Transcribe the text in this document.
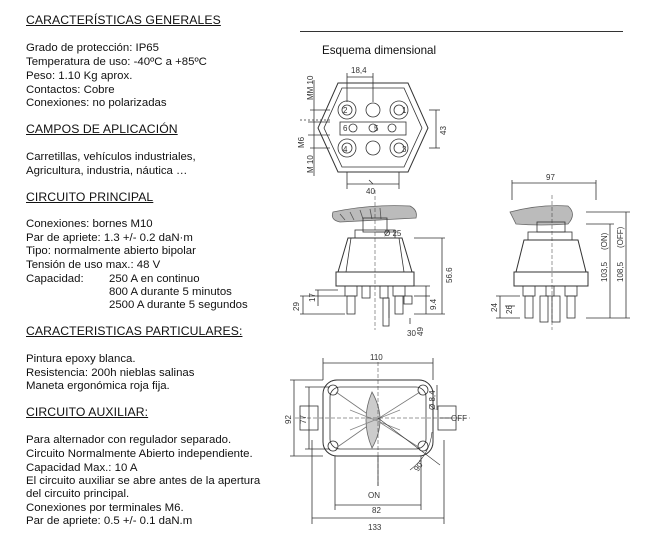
CARACTERÍSTICAS GENERALES
Grado de protección: IP65
Temperatura de uso: -40ºC a +85ºC
Peso: 1.10 Kg aprox.
Contactos: Cobre
Conexiones: no polarizadas
CAMPOS DE APLICACIÓN
Carretillas, vehículos industriales,
Agricultura, industria, náutica …
CIRCUITO PRINCIPAL
Conexiones: bornes M10
Par de apriete: 1.3 +/- 0.2 daN·m
Tipo: normalmente abierto bipolar
Tensión de uso max.: 48 V
Capacidad: 250 A en continuo
800 A durante 5 minutos
2500 A durante 5 segundos
CARACTERISTICAS PARTICULARES:
Pintura epoxy blanca.
Resistencia: 200h nieblas salinas
Maneta ergonómica roja fija.
CIRCUITO AUXILIAR:
Para alternador con regulador separado.
Circuito Normalmente Abierto independiente.
Capacidad Max.: 10 A
El circuito auxiliar se abre antes de la apertura
del circuito principal.
Conexiones por terminales M6.
Par de apriete: 0.5 +/- 0.1 daN.m
Esquema dimensional
2	1
4	3
5
6
18,4
MM 10
M6
M 10
43
40
Ø 25
56.6
9.4
29
17
30 49
97
103,5
(ON)
108,5
(OFF)
24 26
110
92 77
Ø 8,4
OFF
ON
90°
82
133
